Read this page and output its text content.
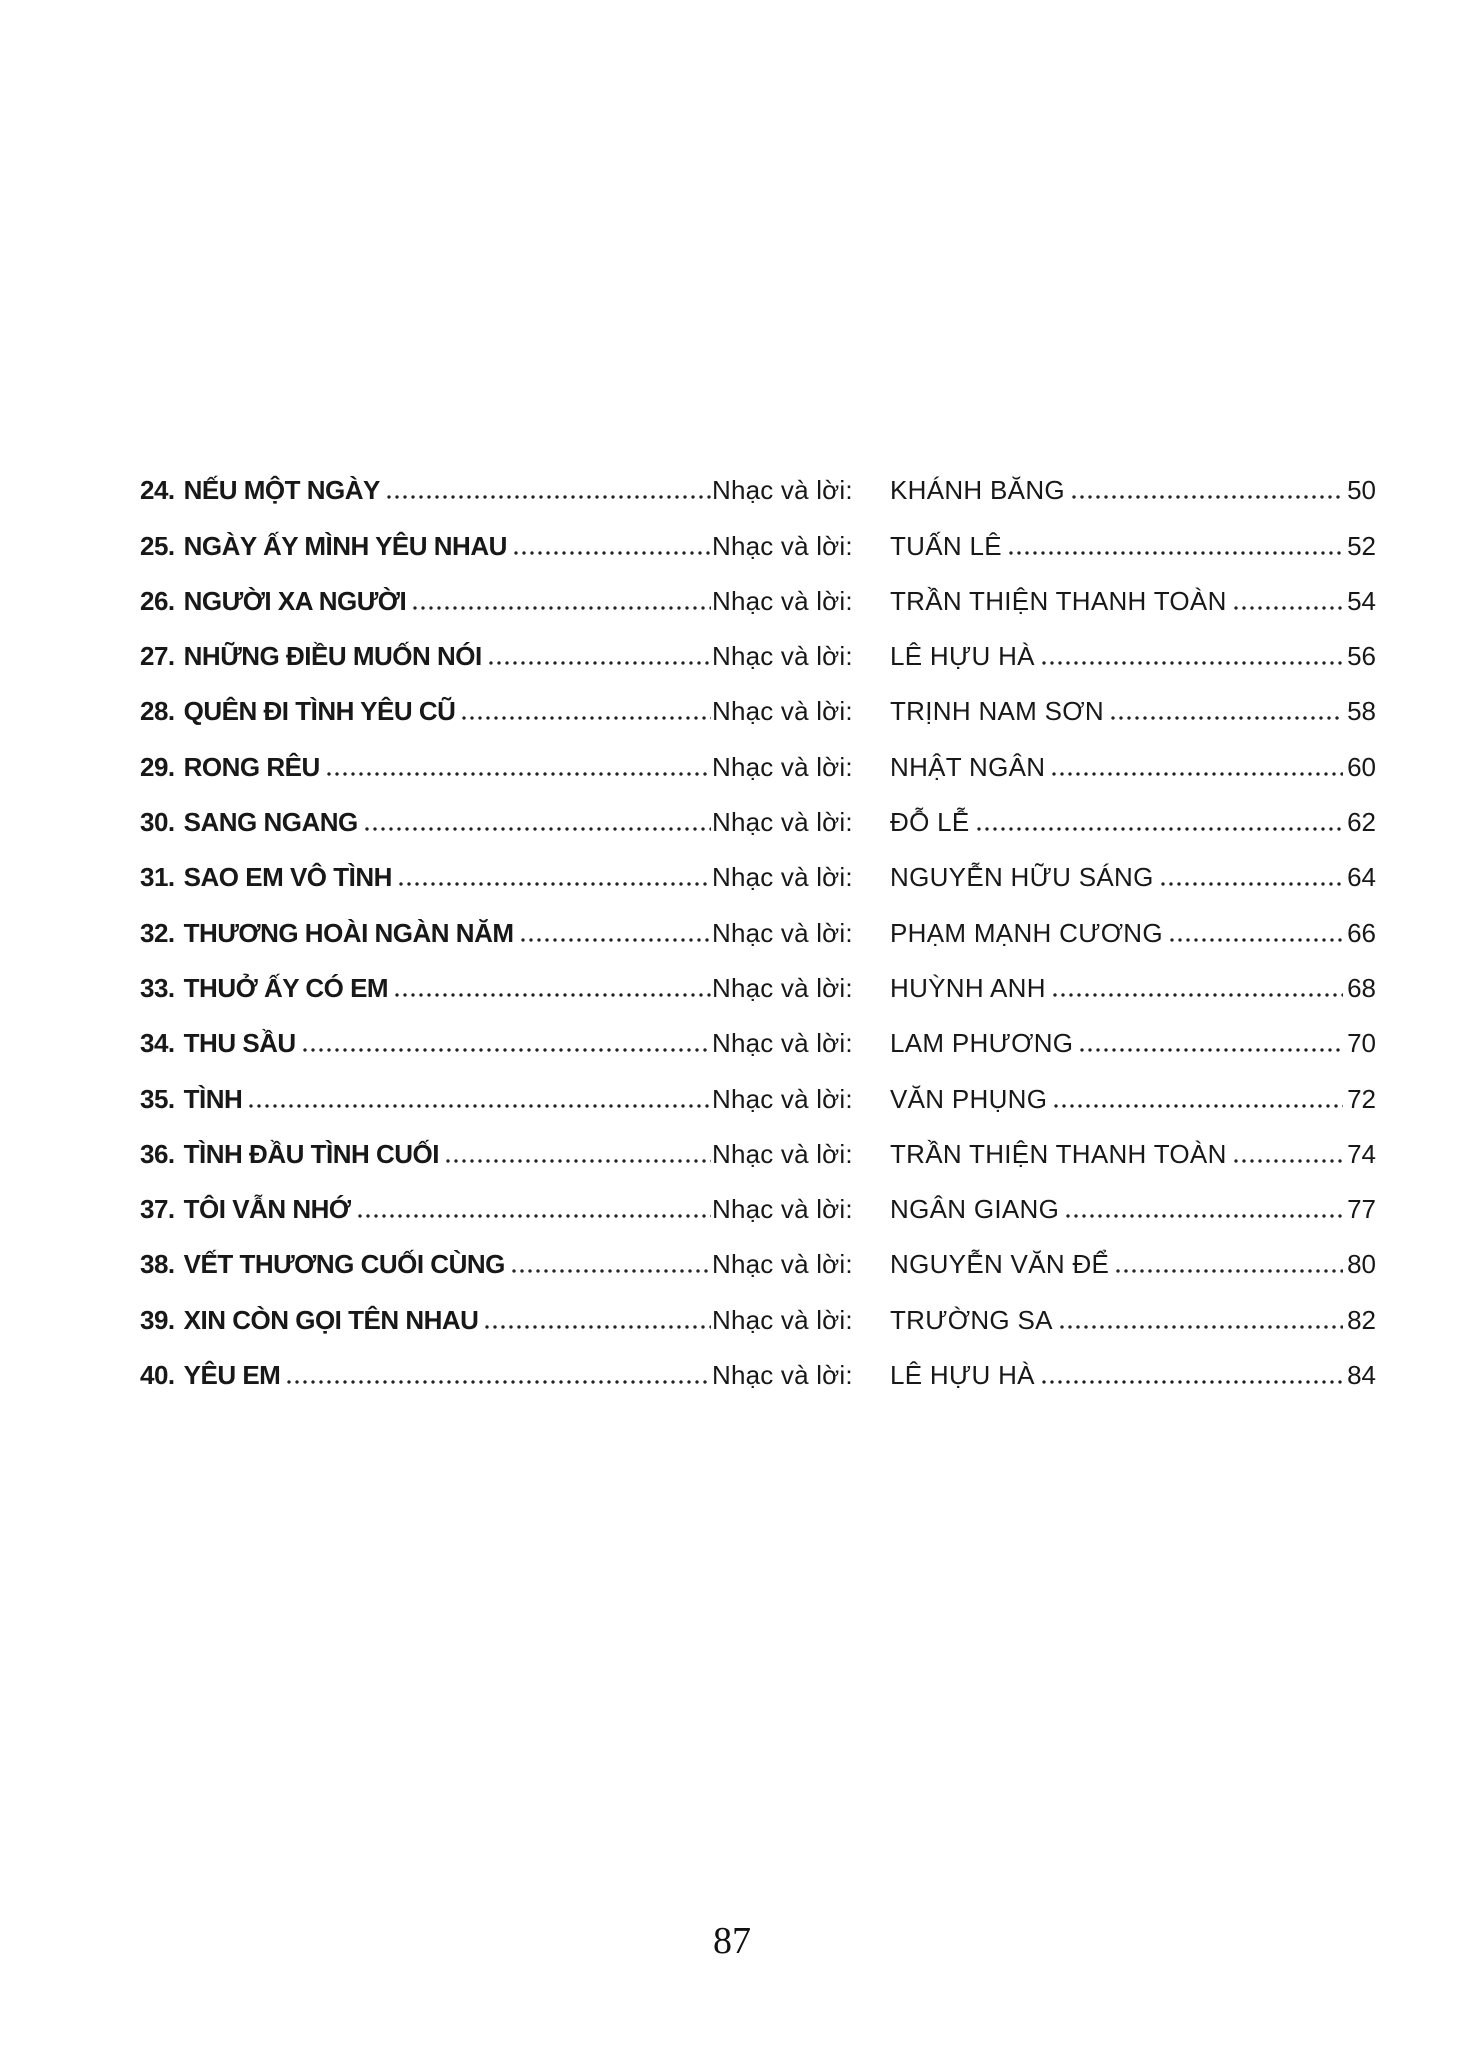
24. NẾU MỘT NGÀY	Nhạc và lời:	KHÁNH BĂNG	50
25. NGÀY ẤY MÌNH YÊU NHAU	Nhạc và lời:	TUẤN LÊ	52
26. NGƯỜI XA NGƯỜI	Nhạc và lời:	TRẦN THIỆN THANH TOÀN	54
27. NHỮNG ĐIỀU MUỐN NÓI	Nhạc và lời:	LÊ HỰU HÀ	56
28. QUÊN ĐI TÌNH YÊU CŨ	Nhạc và lời:	TRỊNH NAM SƠN	58
29. RONG RÊU	Nhạc và lời:	NHẬT NGÂN	60
30. SANG NGANG	Nhạc và lời:	ĐỖ LỄ	62
31. SAO EM VÔ TÌNH	Nhạc và lời:	NGUYỄN HỮU SÁNG	64
32. THƯƠNG HOÀI NGÀN NĂM	Nhạc và lời:	PHẠM MẠNH CƯƠNG	66
33. THUỞ ẤY CÓ EM	Nhạc và lời:	HUỲNH ANH	68
34. THU SẦU	Nhạc và lời:	LAM PHƯƠNG	70
35. TÌNH	Nhạc và lời:	VĂN PHỤNG	72
36. TÌNH ĐẦU TÌNH CUỐI	Nhạc và lời:	TRẦN THIỆN THANH TOÀN	74
37. TÔI VẪN NHỚ	Nhạc và lời:	NGÂN GIANG	77
38. VẾT THƯƠNG CUỐI CÙNG	Nhạc và lời:	NGUYỄN VĂN ĐỂ	80
39. XIN CÒN GỌI TÊN NHAU	Nhạc và lời:	TRƯỜNG SA	82
40. YÊU EM	Nhạc và lời:	LÊ HỰU HÀ	84
87
